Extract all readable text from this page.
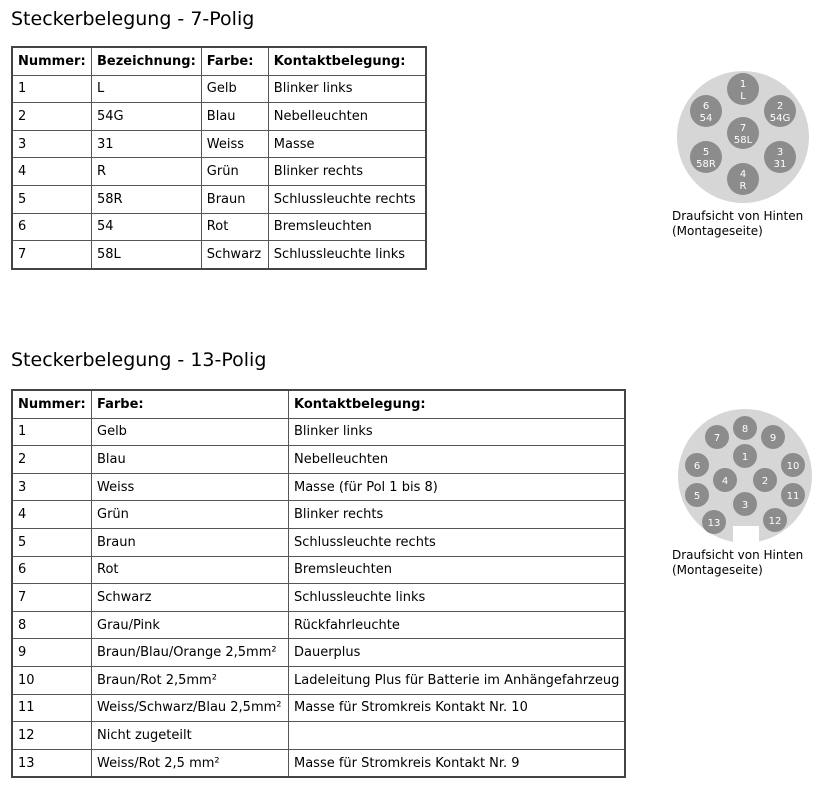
Steckerbelegung - 7-Polig
Nummer:	Bezeichnung:	Farbe:	Kontaktbelegung:
1	L	Gelb	Blinker links
2	54G	Blau	Nebelleuchten
3	31	Weiss	Masse
4	R	Grün	Blinker rechts
5	58R	Braun	Schlussleuchte rechts
6	54	Rot	Bremsleuchten
7	58L	Schwarz	Schlussleuchte links
1
L
2
54G
3
31
4
R
5
58R
6
54
7
58L
Draufsicht von Hinten
(Montageseite)
Steckerbelegung - 13-Polig
Nummer:	Farbe:	Kontaktbelegung:
1	Gelb	Blinker links
2	Blau	Nebelleuchten
3	Weiss	Masse (für Pol 1 bis 8)
4	Grün	Blinker rechts
5	Braun	Schlussleuchte rechts
6	Rot	Bremsleuchten
7	Schwarz	Schlussleuchte links
8	Grau/Pink	Rückfahrleuchte
9	Braun/Blau/Orange 2,5mm²	Dauerplus
10	Braun/Rot 2,5mm²	Ladeleitung Plus für Batterie im Anhängefahrzeug
11	Weiss/Schwarz/Blau 2,5mm²	Masse für Stromkreis Kontakt Nr. 10
12	Nicht zugeteilt	
13	Weiss/Rot 2,5 mm²	Masse für Stromkreis Kontakt Nr. 9
1
2
3
4
5
6
7
8
9
10
11
12
13
Draufsicht von Hinten
(Montageseite)
